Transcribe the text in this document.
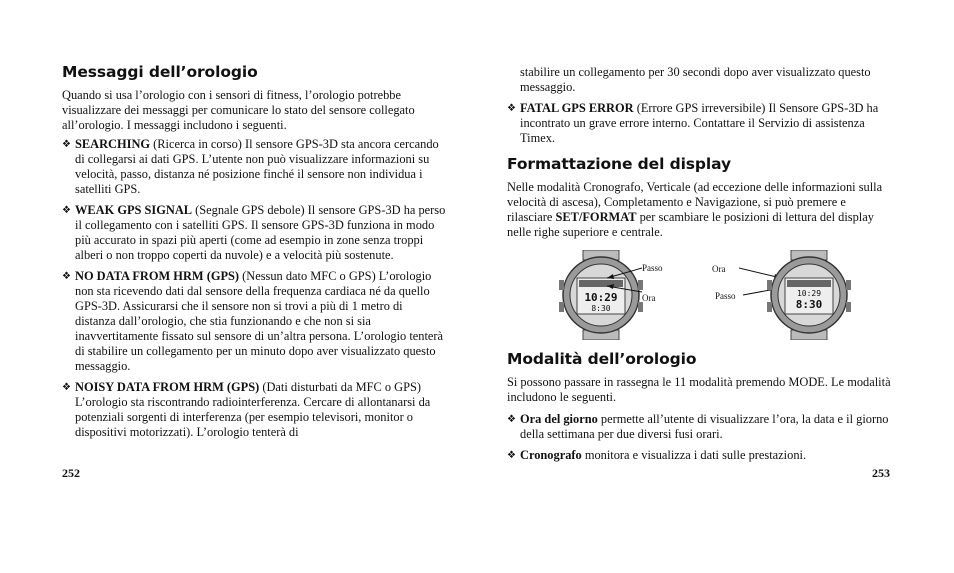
Messaggi dell’orologio

Quando si usa l’orologio con i sensori di fitness, l’orologio potrebbe visualizzare dei messaggi per comunicare lo stato del sensore collegato all’orologio. I messaggi includono i seguenti.

❖ SEARCHING (Ricerca in corso) Il sensore GPS-3D sta ancora cercando di collegarsi ai dati GPS. L’utente non può visualizzare informazioni su velocità, passo, distanza né posizione finché il sensore non individua i satelliti GPS.
❖ WEAK GPS SIGNAL (Segnale GPS debole) Il sensore GPS-3D ha perso il collegamento con i satelliti GPS. Il sensore GPS-3D funziona in modo più accurato in spazi più aperti (come ad esempio in zone senza troppi alberi o non troppo coperti da nuvole) e a velocità più sostenute.
❖ NO DATA FROM HRM (GPS) (Nessun dato MFC o GPS) L’orologio non sta ricevendo dati dal sensore della frequenza cardiaca né da quello GPS-3D. Assicurarsi che il sensore non si trovi a più di 1 metro di distanza dall’orologio, che stia funzionando e che non si sia inavvertitamente fissato sul sensore di un’altra persona. L’orologio tenterà di stabilire un collegamento per un minuto dopo aver visualizzato questo messaggio.
❖ NOISY DATA FROM HRM (GPS) (Dati disturbati da MFC o GPS) L’orologio sta riscontrando radiointerferenza. Cercare di allontanarsi da potenziali sorgenti di interferenza (per esempio televisori, monitor o dispositivi motorizzati). L’orologio tenterà di
252

stabilire un collegamento per 30 secondi dopo aver visualizzato questo messaggio.

❖ FATAL GPS ERROR (Errore GPS irreversibile) Il Sensore GPS-3D ha incontrato un grave errore interno. Contattare il Servizio di assistenza Timex.
Formattazione del display

Nelle modalità Cronografo, Verticale (ad eccezione delle informazioni sulla velocità di ascesa), Completamento e Navigazione, si può premere e rilasciare SET/FORMAT per scambiare le posizioni di lettura del display nelle righe superiore e centrale.

10:29
8:30
Passo
Ora
Ora
Passo	10:29
8:30
Modalità dell’orologio

Si possono passare in rassegna le 11 modalità premendo MODE. Le modalità includono le seguenti.

❖ Ora del giorno permette all’utente di visualizzare l’ora, la data e il giorno della settimana per due diversi fusi orari.
❖ Cronografo monitora e visualizza i dati sulle prestazioni.
253
